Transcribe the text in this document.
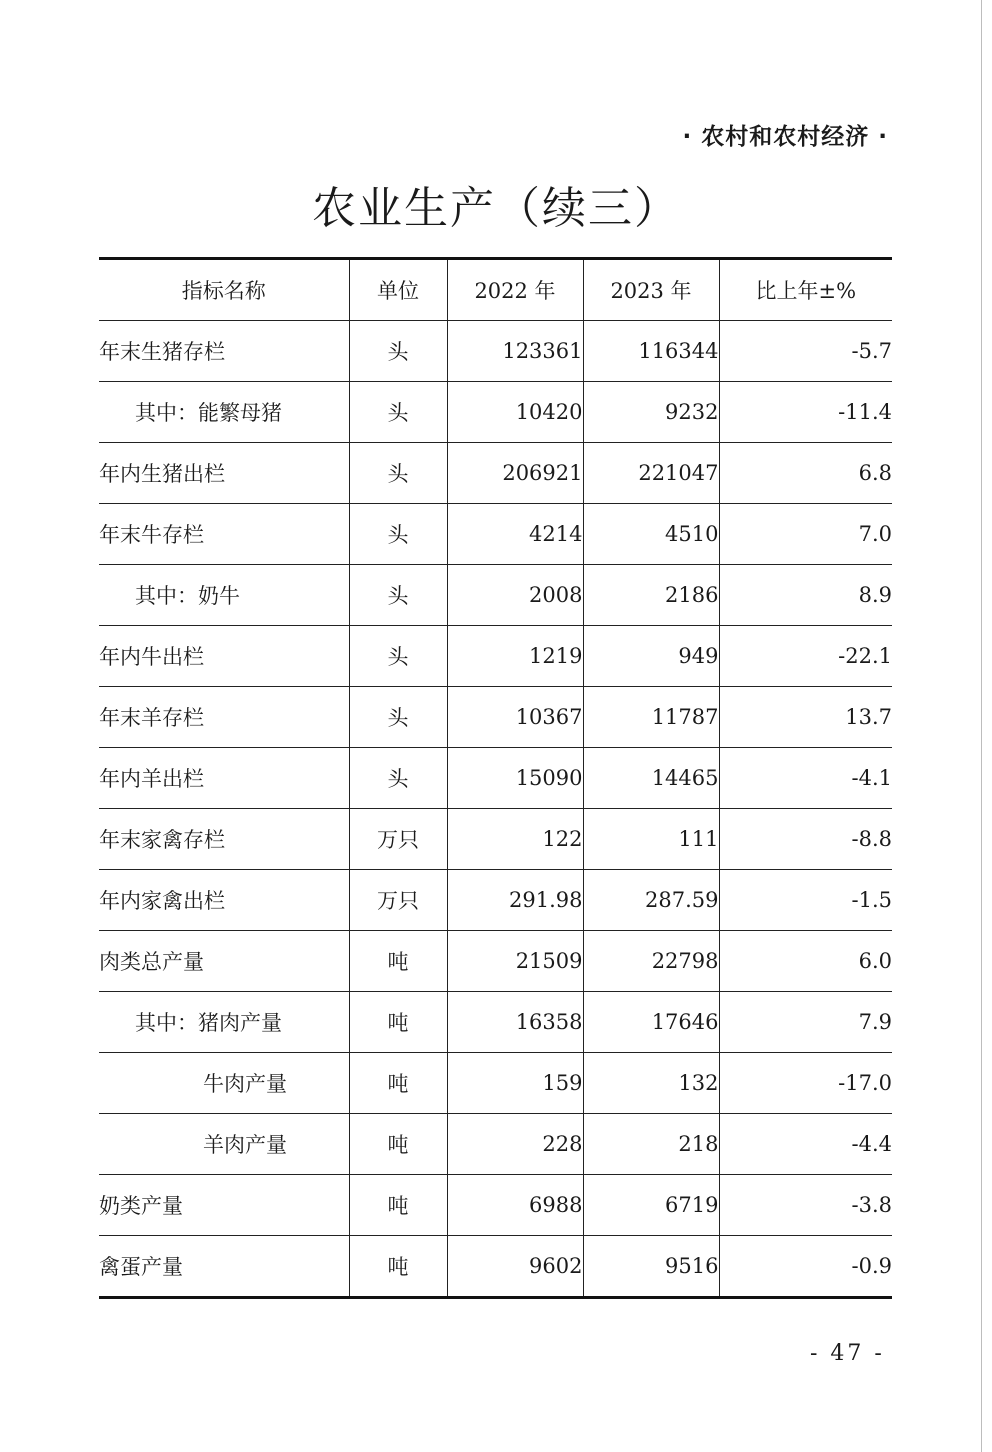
· 农村和农村经济 ·
农业生产（续三）
指标名称	单位	2022 年	2023 年	比上年±%
年末生猪存栏	头	123361	116344	-5.7
其中：能繁母猪	头	10420	9232	-11.4
年内生猪出栏	头	206921	221047	6.8
年末牛存栏	头	4214	4510	7.0
其中：奶牛	头	2008	2186	8.9
年内牛出栏	头	1219	949	-22.1
年末羊存栏	头	10367	11787	13.7
年内羊出栏	头	15090	14465	-4.1
年末家禽存栏	万只	122	111	-8.8
年内家禽出栏	万只	291.98	287.59	-1.5
肉类总产量	吨	21509	22798	6.0
其中：猪肉产量	吨	16358	17646	7.9
牛肉产量	吨	159	132	-17.0
羊肉产量	吨	228	218	-4.4
奶类产量	吨	6988	6719	-3.8
禽蛋产量	吨	9602	9516	-0.9
- 47 -
